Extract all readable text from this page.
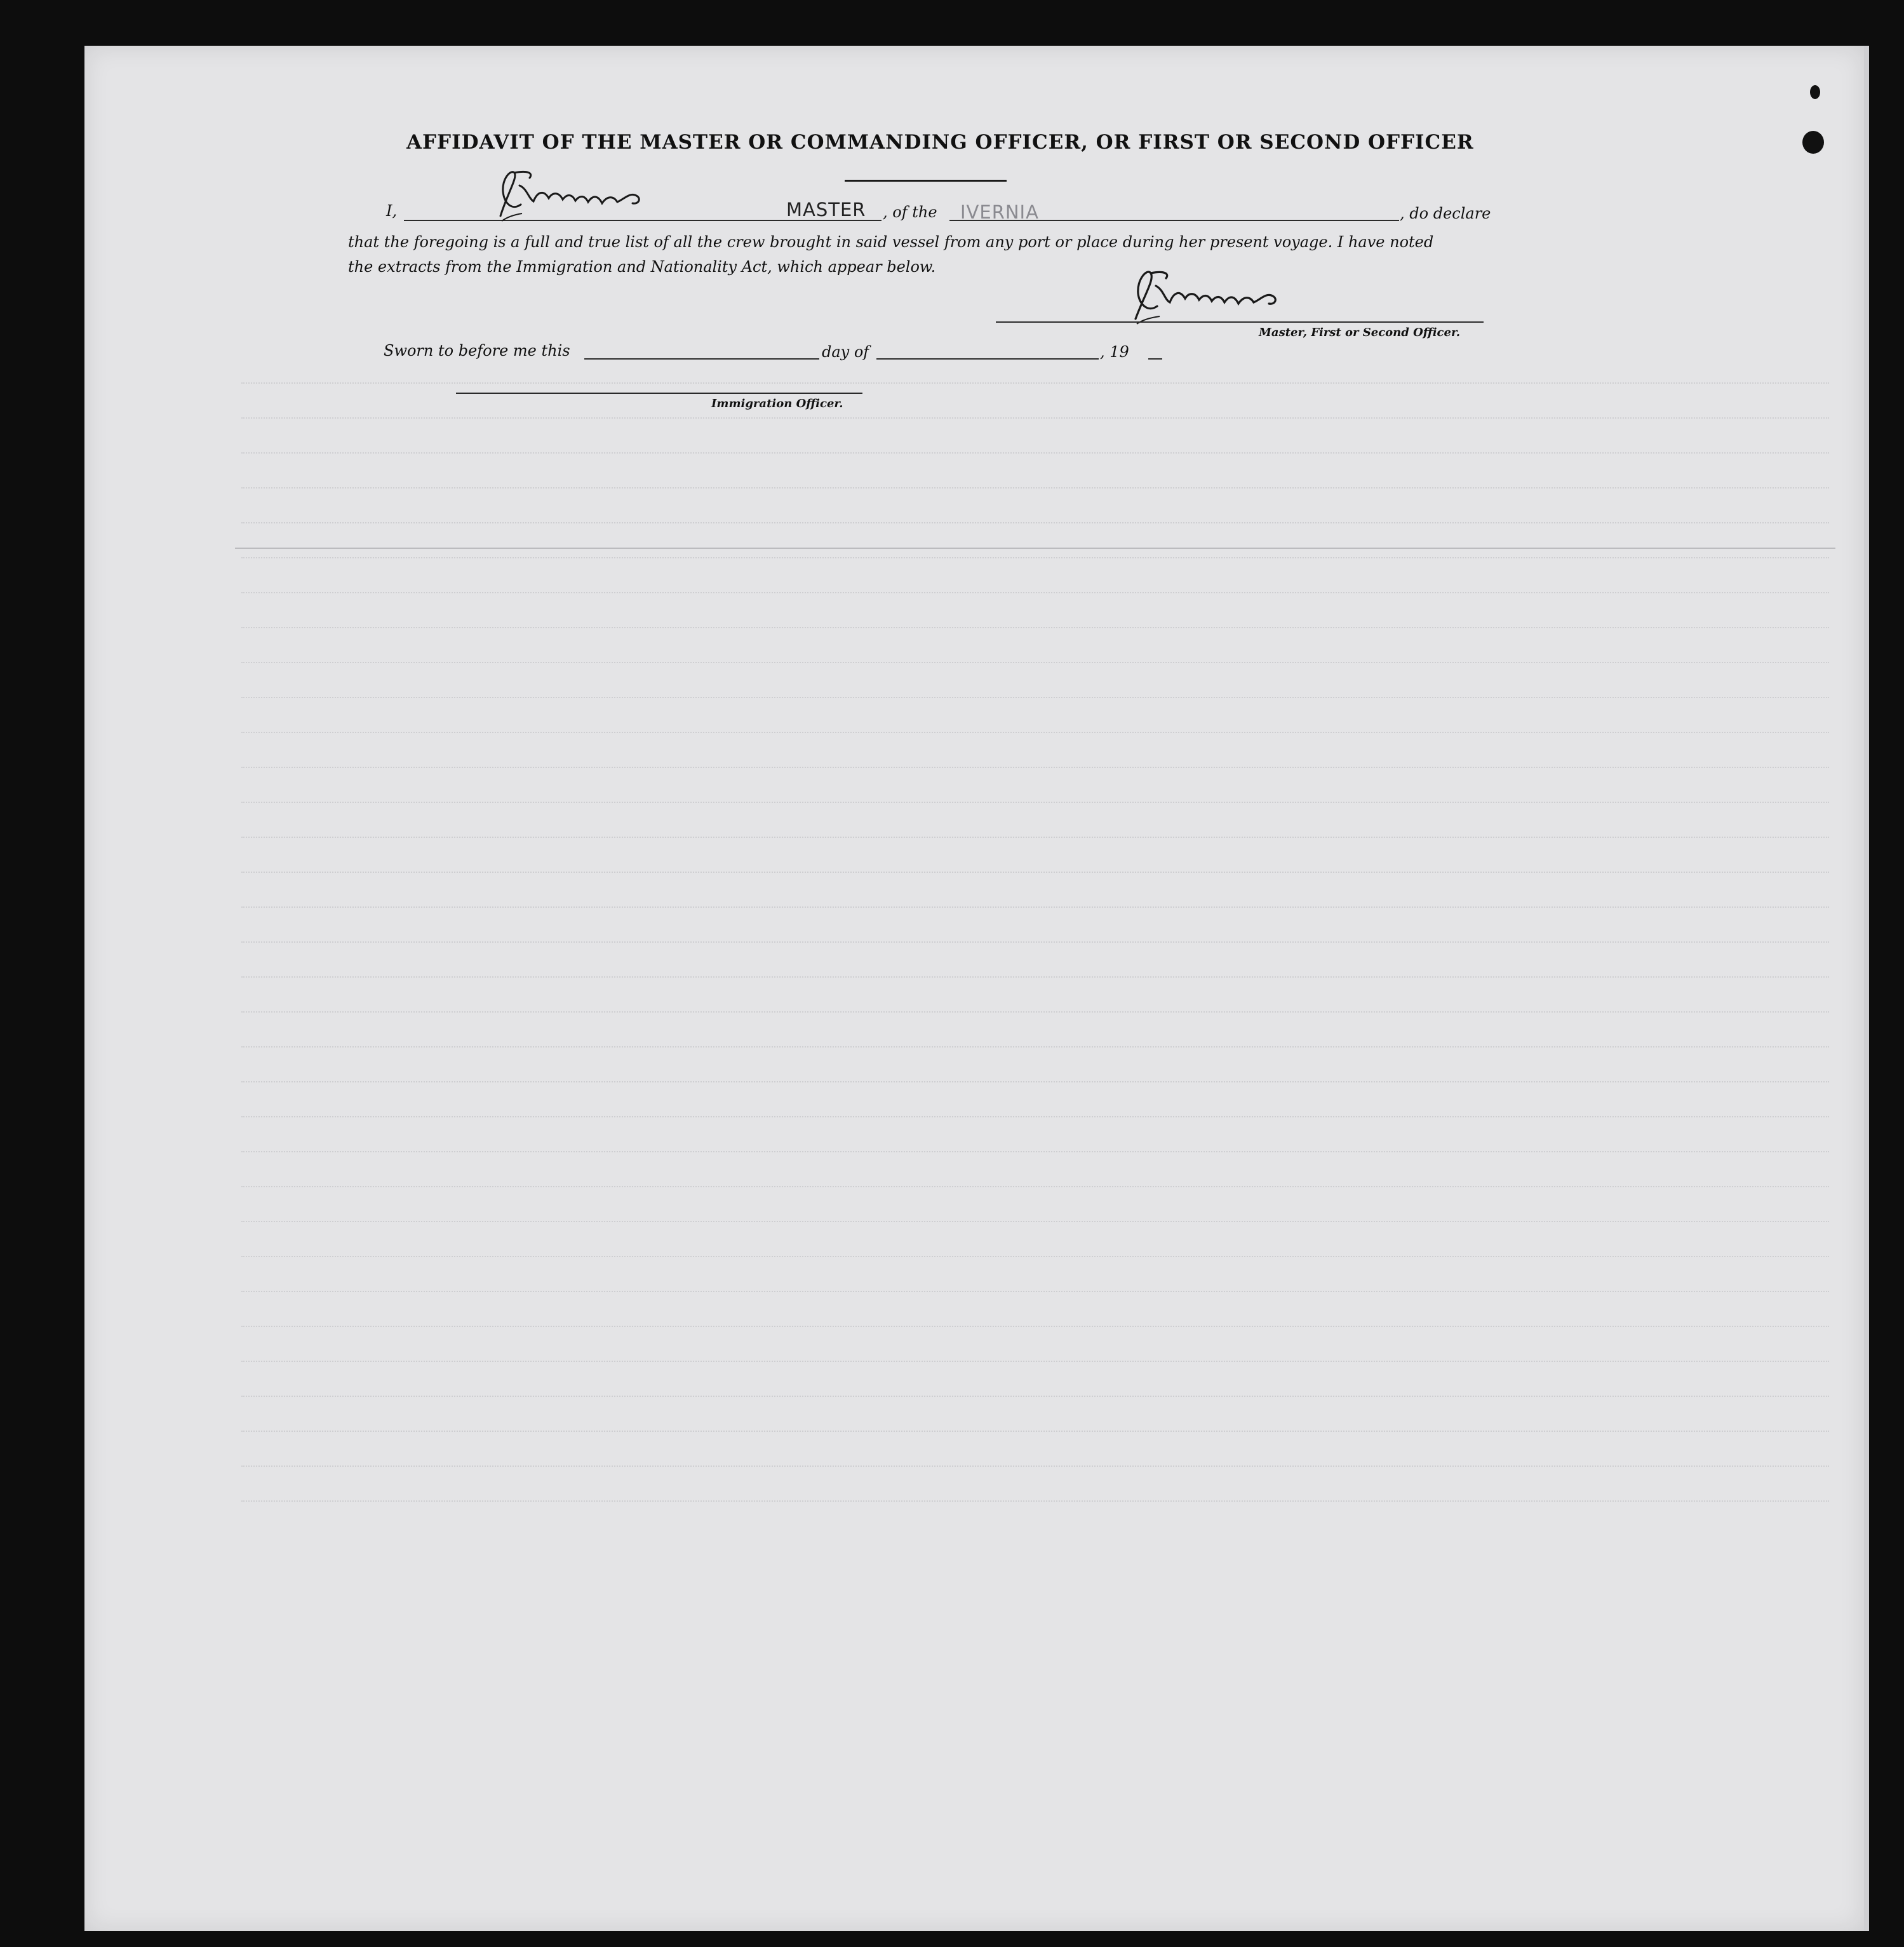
AFFIDAVIT OF THE MASTER OR COMMANDING OFFICER, OR FIRST OR SECOND OFFICER
I,	MASTER , of the IVERNIA	, do declare
that the foregoing is a full and true list of all the crew brought in said vessel from any port or place during her present voyage. I have noted
the extracts from the Immigration and Nationality Act, which appear below.
Master, First or Second Officer.
Sworn to before me this	day of	, 19
Immigration Officer.
